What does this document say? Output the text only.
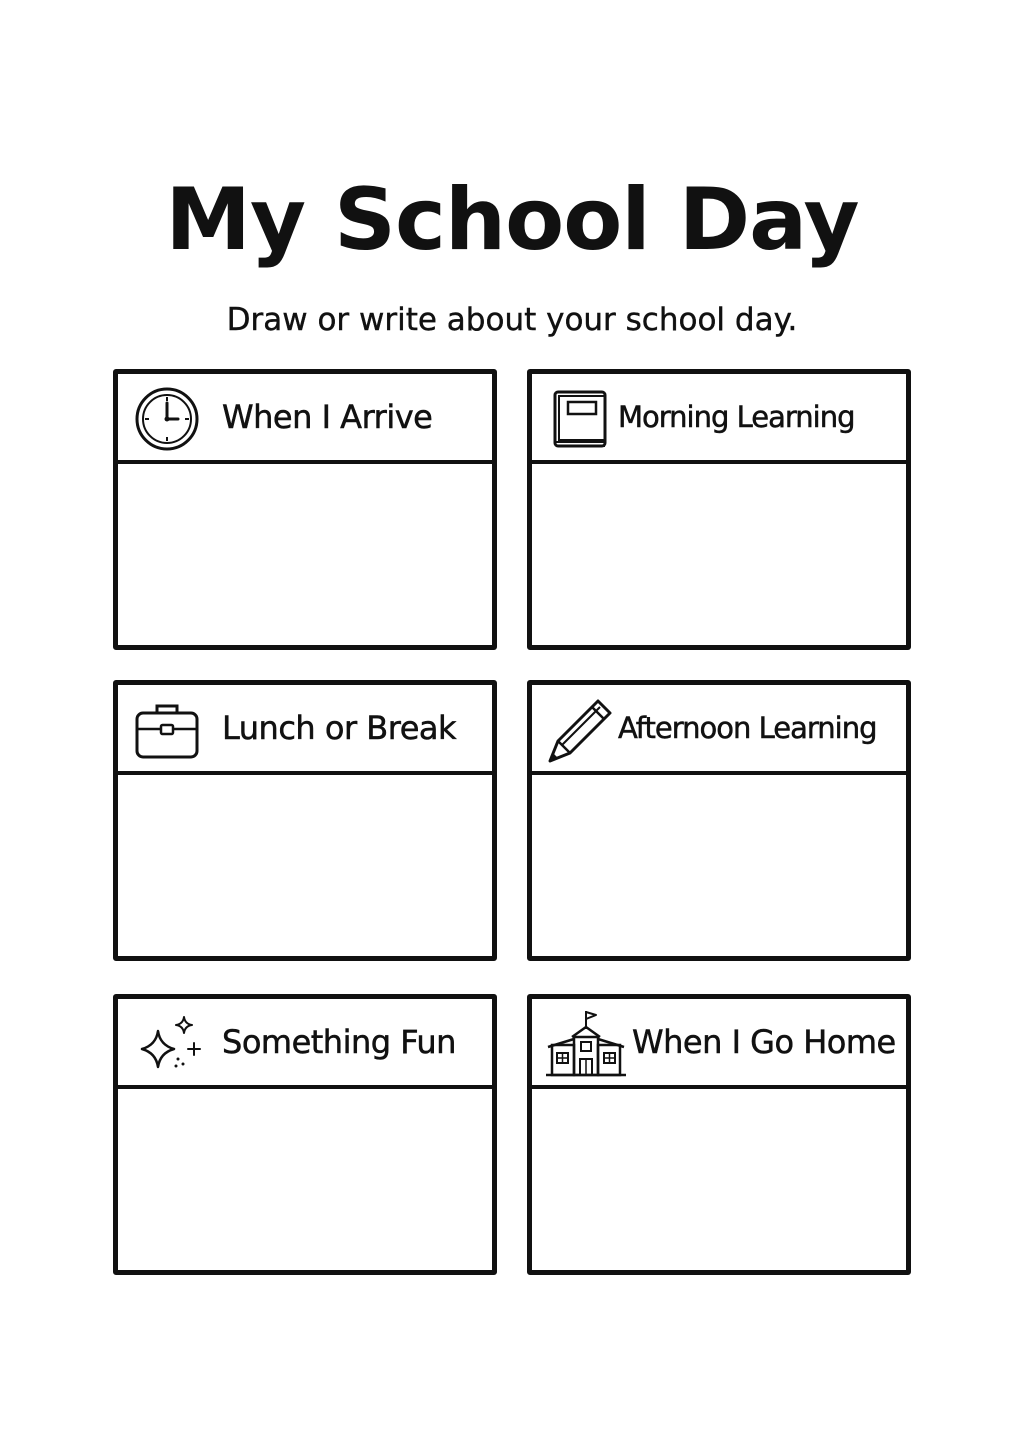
My School Day
Draw or write about your school day.
When I Arrive	Morning Learning
Lunch or Break	Afternoon Learning
Something Fun	When I Go Home
